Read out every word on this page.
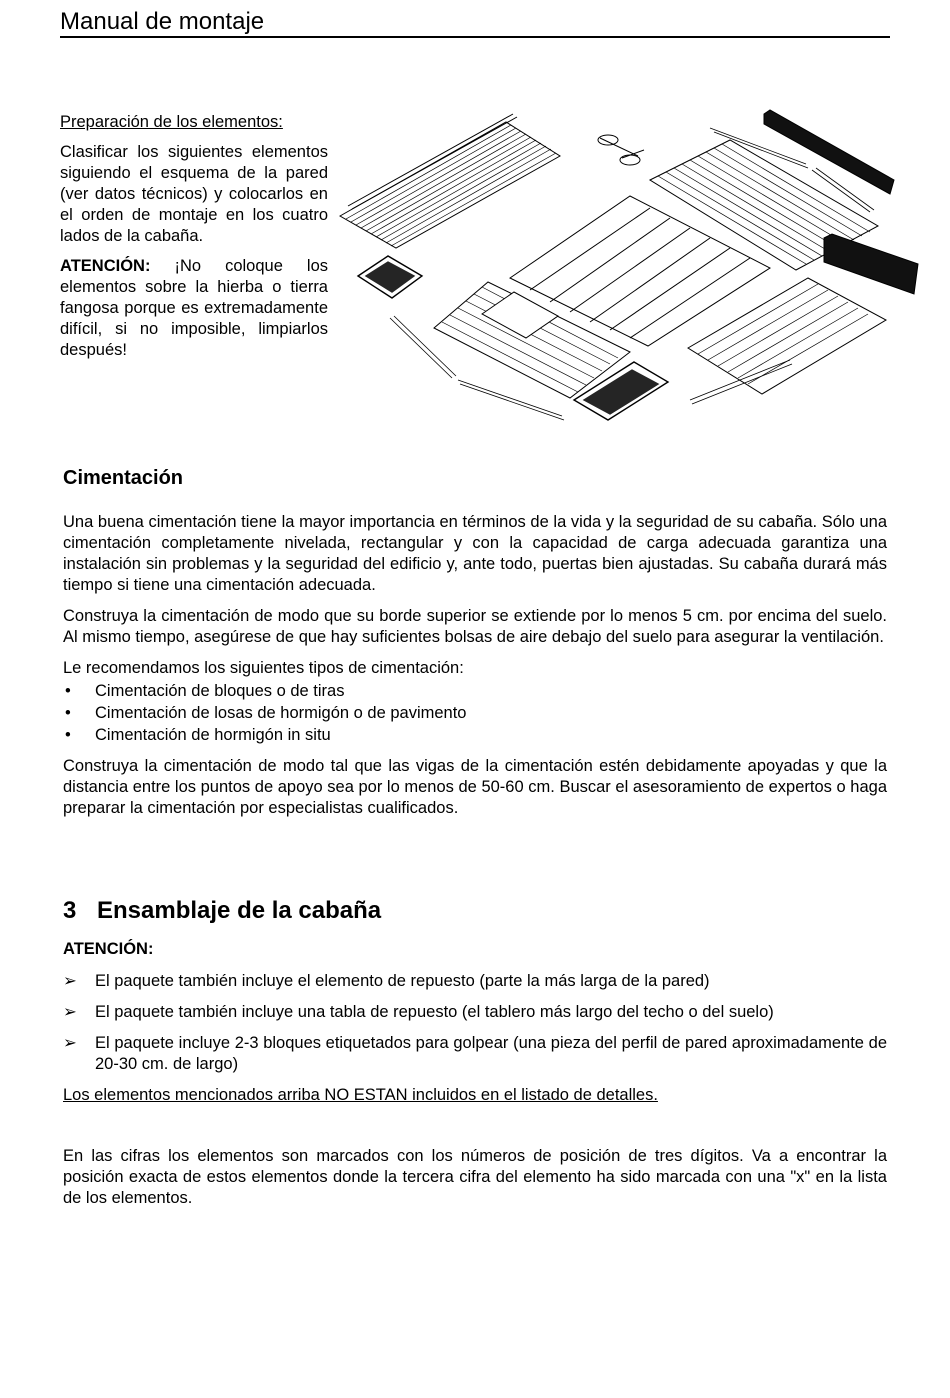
Manual de montaje

Preparación de los elementos:

Clasificar los siguientes elementos siguiendo el esquema de la pared (ver datos técnicos) y colocarlos en el orden de montaje en los cuatro lados de la cabaña.

ATENCIÓN: ¡No coloque los elementos sobre la hierba o tierra fangosa porque es extremadamente difícil, si no imposible, limpiarlos después!

Cimentación

Una buena cimentación tiene la mayor importancia en términos de la vida y la seguridad de su cabaña. Sólo una cimentación completamente nivelada, rectangular y con la capacidad de carga adecuada garantiza una instalación sin problemas y la seguridad del edificio y, ante todo, puertas bien ajustadas. Su cabaña durará más tiempo si tiene una cimentación adecuada.

Construya la cimentación de modo que su borde superior se extiende por lo menos 5 cm. por encima del suelo. Al mismo tiempo, asegúrese de que hay suficientes bolsas de aire debajo del suelo para asegurar la ventilación.

Le recomendamos los siguientes tipos de cimentación:

• Cimentación de bloques o de tiras
• Cimentación de losas de hormigón o de pavimento
• Cimentación de hormigón in situ

Construya la cimentación de modo tal que las vigas de la cimentación estén debidamente apoyadas y que la distancia entre los puntos de apoyo sea por lo menos de 50-60 cm. Buscar el asesoramiento de expertos o haga preparar la cimentación por especialistas cualificados.

3 Ensamblaje de la cabaña

ATENCIÓN:

➢ El paquete también incluye el elemento de repuesto (parte la más larga de la pared)
➢ El paquete también incluye una tabla de repuesto (el tablero más largo del techo o del suelo)
➢ El paquete incluye 2-3 bloques etiquetados para golpear (una pieza del perfil de pared aproximadamente de 20-30 cm. de largo)

Los elementos mencionados arriba NO ESTAN incluidos en el listado de detalles.

En las cifras los elementos son marcados con los números de posición de tres dígitos. Va a encontrar la posición exacta de estos elementos donde la tercera cifra del elemento ha sido marcada con una "x" en la lista de los elementos.
